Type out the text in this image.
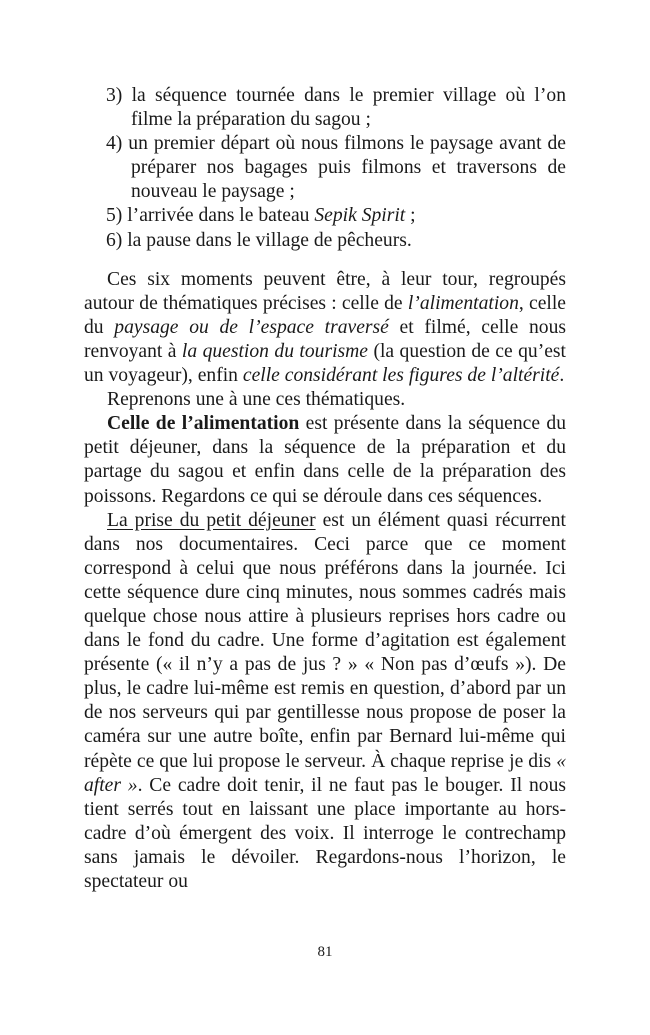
3) la séquence tournée dans le premier village où l’on filme la préparation du sagou ;
4) un premier départ où nous filmons le paysage avant de préparer nos bagages puis filmons et traversons de nouveau le paysage ;
5) l’arrivée dans le bateau Sepik Spirit ;
6) la pause dans le village de pêcheurs.

Ces six moments peuvent être, à leur tour, regroupés autour de thématiques précises : celle de l’alimentation, celle du paysage ou de l’espace traversé et filmé, celle nous renvoyant à la question du tourisme (la question de ce qu’est un voyageur), enfin celle considérant les figures de l’altérité.

Reprenons une à une ces thématiques.

Celle de l’alimentation est présente dans la séquence du petit déjeuner, dans la séquence de la préparation et du partage du sagou et enfin dans celle de la préparation des poissons. Regardons ce qui se déroule dans ces séquences.

La prise du petit déjeuner est un élément quasi récurrent dans nos documentaires. Ceci parce que ce moment correspond à celui que nous préférons dans la journée. Ici cette séquence dure cinq minutes, nous sommes cadrés mais quelque chose nous attire à plusieurs reprises hors cadre ou dans le fond du cadre. Une forme d’agitation est également présente (« il n’y a pas de jus ? » « Non pas d’œufs »). De plus, le cadre lui-même est remis en question, d’abord par un de nos serveurs qui par gentillesse nous propose de poser la caméra sur une autre boîte, enfin par Bernard lui-même qui répète ce que lui propose le serveur. À chaque reprise je dis « after ». Ce cadre doit tenir, il ne faut pas le bouger. Il nous tient serrés tout en laissant une place importante au hors-cadre d’où émergent des voix. Il interroge le contrechamp sans jamais le dévoiler. Regardons-nous l’horizon, le spectateur ou

81
